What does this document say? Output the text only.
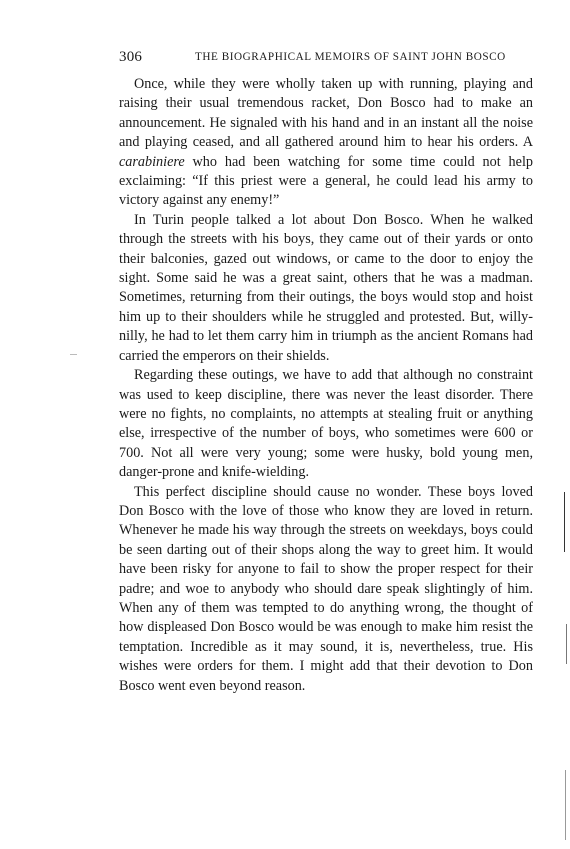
306	THE BIOGRAPHICAL MEMOIRS OF SAINT JOHN BOSCO

Once, while they were wholly taken up with running, playing and raising their usual tremendous racket, Don Bosco had to make an announcement. He signaled with his hand and in an instant all the noise and playing ceased, and all gathered around him to hear his orders. A carabiniere who had been watching for some time could not help exclaiming: “If this priest were a general, he could lead his army to victory against any enemy!”

In Turin people talked a lot about Don Bosco. When he walked through the streets with his boys, they came out of their yards or onto their balconies, gazed out windows, or came to the door to enjoy the sight. Some said he was a great saint, others that he was a madman. Sometimes, returning from their outings, the boys would stop and hoist him up to their shoulders while he struggled and protested. But, willy-nilly, he had to let them carry him in triumph as the ancient Romans had carried the emperors on their shields.

Regarding these outings, we have to add that although no constraint was used to keep discipline, there was never the least disorder. There were no fights, no complaints, no attempts at stealing fruit or anything else, irrespective of the number of boys, who sometimes were 600 or 700. Not all were very young; some were husky, bold young men, danger-prone and knife-wielding.

This perfect discipline should cause no wonder. These boys loved Don Bosco with the love of those who know they are loved in return. Whenever he made his way through the streets on weekdays, boys could be seen darting out of their shops along the way to greet him. It would have been risky for anyone to fail to show the proper respect for their padre; and woe to anybody who should dare speak slightingly of him. When any of them was tempted to do anything wrong, the thought of how displeased Don Bosco would be was enough to make him resist the temptation. Incredible as it may sound, it is, nevertheless, true. His wishes were orders for them. I might add that their devotion to Don Bosco went even beyond reason.
